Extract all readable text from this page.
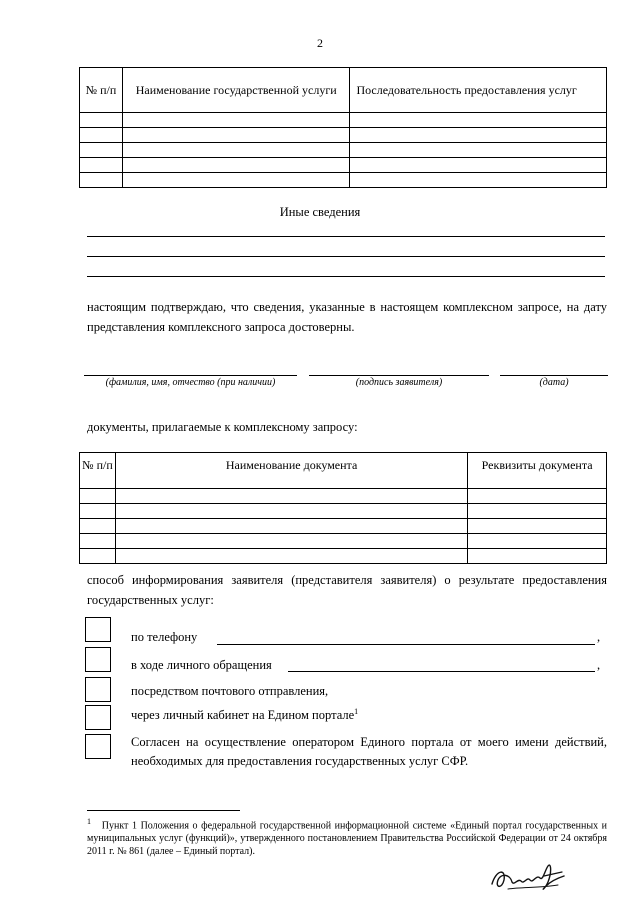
2
№ п/п	Наименование государственной услуги	Последовательность предоставления услуг

Иные сведения
настоящим подтверждаю, что сведения, указанные в настоящем комплексном запросе, на дату представления комплексного запроса достоверны.
(фамилия, имя, отчество (при наличии)	(подпись заявителя)	(дата)
документы, прилагаемые к комплексному запросу:
№ п/п	Наименование документа	Реквизиты документа

способ информирования заявителя (представителя заявителя) о результате предоставления государственных услуг:
по телефону	,
в ходе личного обращения	,
посредством почтового отправления,
через личный кабинет на Едином портале$^1$
Согласен на осуществление оператором Единого портала от моего имени действий, необходимых для предоставления государственных услуг СФР.
$^1$ Пункт 1 Положения о федеральной государственной информационной системе «Единый портал государственных и муниципальных услуг (функций)», утвержденного постановлением Правительства Российской Федерации от 24 октября 2011 г. № 861 (далее – Единый портал).
